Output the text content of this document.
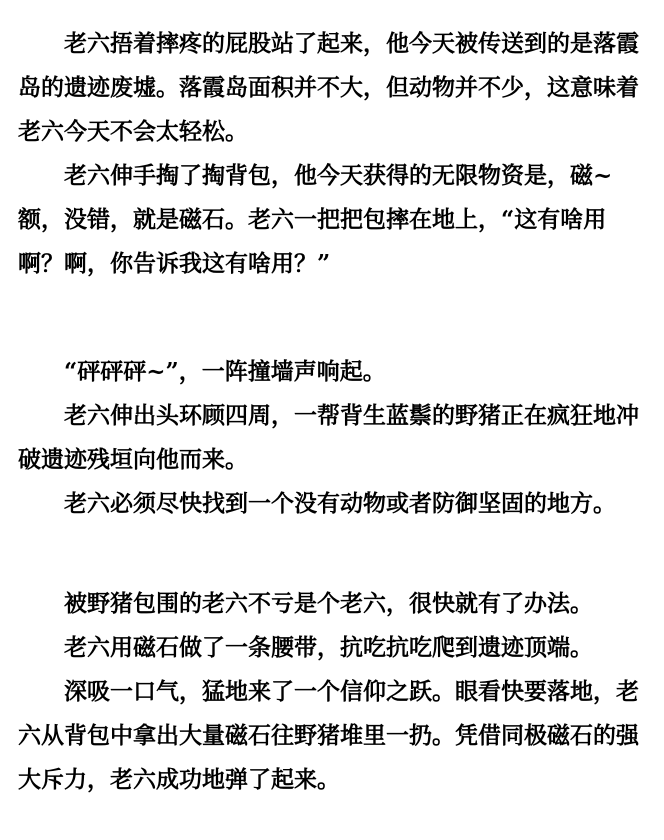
老六捂着摔疼的屁股站了起来，他今天被传送到的是落霞岛的遗迹废墟。落霞岛面积并不大，但动物并不少，这意味着老六今天不会太轻松。

老六伸手掏了掏背包，他今天获得的无限物资是，磁~额，没错，就是磁石。老六一把把包摔在地上，“这有啥用啊？啊，你告诉我这有啥用？”

“砰砰砰~”，一阵撞墙声响起。

老六伸出头环顾四周，一帮背生蓝鬃的野猪正在疯狂地冲破遗迹残垣向他而来。

老六必须尽快找到一个没有动物或者防御坚固的地方。

被野猪包围的老六不亏是个老六，很快就有了办法。

老六用磁石做了一条腰带，抗吃抗吃爬到遗迹顶端。

深吸一口气，猛地来了一个信仰之跃。眼看快要落地，老六从背包中拿出大量磁石往野猪堆里一扔。凭借同极磁石的强大斥力，老六成功地弹了起来。
